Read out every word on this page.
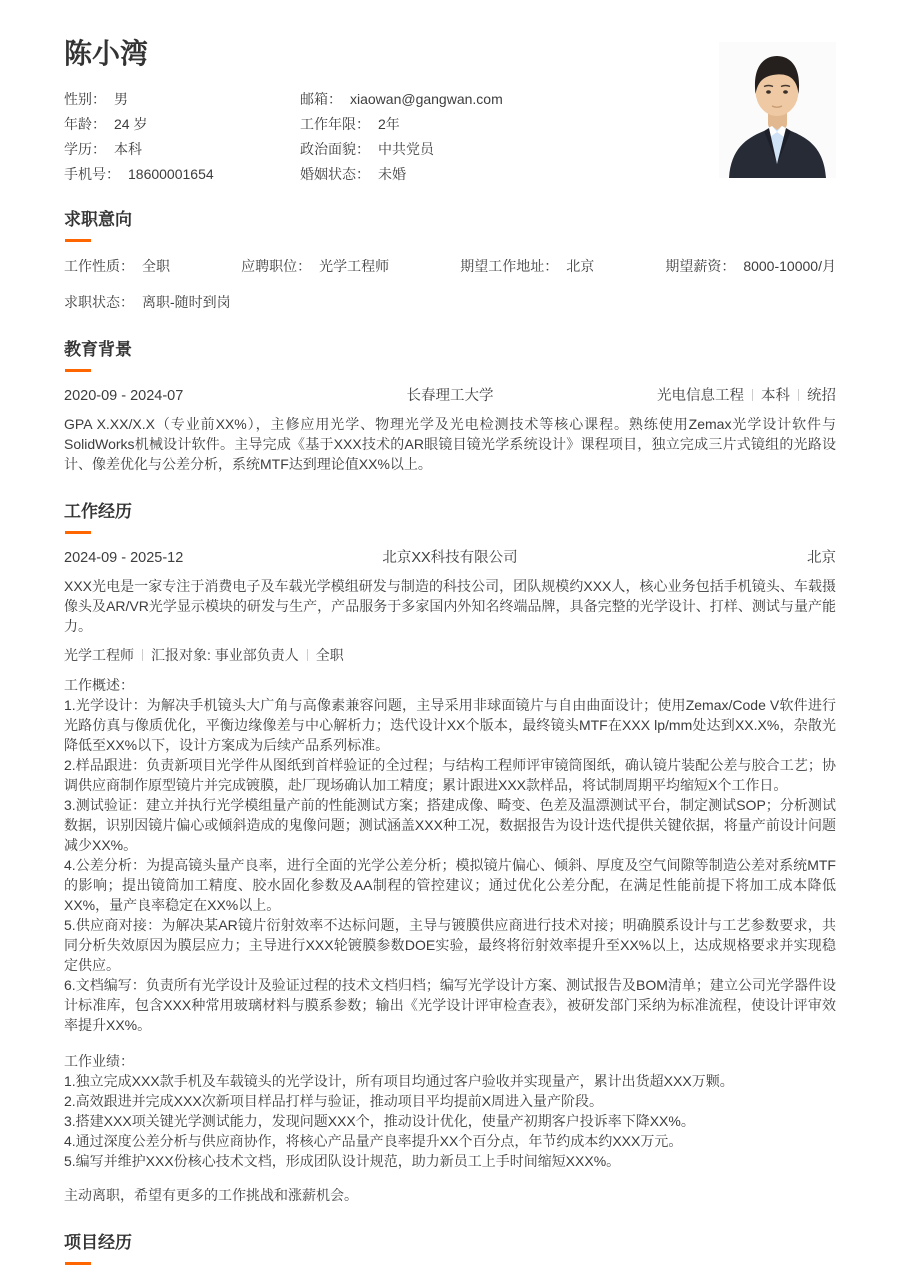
陈小湾
性别： 男	邮箱： xiaowan@gangwan.com
年龄： 24 岁	工作年限： 2年
学历： 本科	政治面貌： 中共党员
手机号： 18600001654	婚姻状态： 未婚
求职意向
工作性质： 全职	应聘职位： 光学工程师	期望工作地址： 北京	期望薪资： 8000-10000/月
求职状态： 离职-随时到岗
教育背景
2020-09 - 2024-07	长春理工大学	光电信息工程 本科 统招

GPA X.XX/X.X（专业前XX%），主修应用光学、物理光学及光电检测技术等核心课程。熟练使用Zemax光学设计软件与SolidWorks机械设计软件。主导完成《基于XXX技术的AR眼镜目镜光学系统设计》课程项目，独立完成三片式镜组的光路设计、像差优化与公差分析，系统MTF达到理论值XX%以上。

工作经历
2024-09 - 2025-12	北京XX科技有限公司	北京

XXX光电是一家专注于消费电子及车载光学模组研发与制造的科技公司，团队规模约XXX人，核心业务包括手机镜头、车载摄像头及AR/VR光学显示模块的研发与生产，产品服务于多家国内外知名终端品牌，具备完整的光学设计、打样、测试与量产能力。

光学工程师 汇报对象: 事业部负责人 全职
工作概述：

1.光学设计：为解决手机镜头大广角与高像素兼容问题，主导采用非球面镜片与自由曲面设计；使用Zemax/Code V软件进行光路仿真与像质优化，平衡边缘像差与中心解析力；迭代设计XX个版本，最终镜头MTF在XXX lp/mm处达到XX.X%，杂散光降低至XX%以下，设计方案成为后续产品系列标准。

2.样品跟进：负责新项目光学件从图纸到首样验证的全过程；与结构工程师评审镜筒图纸，确认镜片装配公差与胶合工艺；协调供应商制作原型镜片并完成镀膜，赴厂现场确认加工精度；累计跟进XXX款样品，将试制周期平均缩短X个工作日。

3.测试验证：建立并执行光学模组量产前的性能测试方案；搭建成像、畸变、色差及温漂测试平台，制定测试SOP；分析测试数据，识别因镜片偏心或倾斜造成的鬼像问题；测试涵盖XXX种工况，数据报告为设计迭代提供关键依据，将量产前设计问题减少XX%。

4.公差分析：为提高镜头量产良率，进行全面的光学公差分析；模拟镜片偏心、倾斜、厚度及空气间隙等制造公差对系统MTF的影响；提出镜筒加工精度、胶水固化参数及AA制程的管控建议；通过优化公差分配，在满足性能前提下将加工成本降低XX%，量产良率稳定在XX%以上。

5.供应商对接：为解决某AR镜片衍射效率不达标问题，主导与镀膜供应商进行技术对接；明确膜系设计与工艺参数要求，共同分析失效原因为膜层应力；主导进行XXX轮镀膜参数DOE实验，最终将衍射效率提升至XX%以上，达成规格要求并实现稳定供应。

6.文档编写：负责所有光学设计及验证过程的技术文档归档；编写光学设计方案、测试报告及BOM清单；建立公司光学器件设计标准库，包含XXX种常用玻璃材料与膜系参数；输出《光学设计评审检查表》，被研发部门采纳为标准流程，使设计评审效率提升XX%。

工作业绩：

1.独立完成XXX款手机及车载镜头的光学设计，所有项目均通过客户验收并实现量产，累计出货超XXX万颗。

2.高效跟进并完成XXX次新项目样品打样与验证，推动项目平均提前X周进入量产阶段。

3.搭建XXX项关键光学测试能力，发现问题XXX个，推动设计优化，使量产初期客户投诉率下降XX%。

4.通过深度公差分析与供应商协作，将核心产品量产良率提升XX个百分点，年节约成本约XXX万元。

5.编写并维护XXX份核心技术文档，形成团队设计规范，助力新员工上手时间缩短XXX%。

主动离职，希望有更多的工作挑战和涨薪机会。

项目经历
